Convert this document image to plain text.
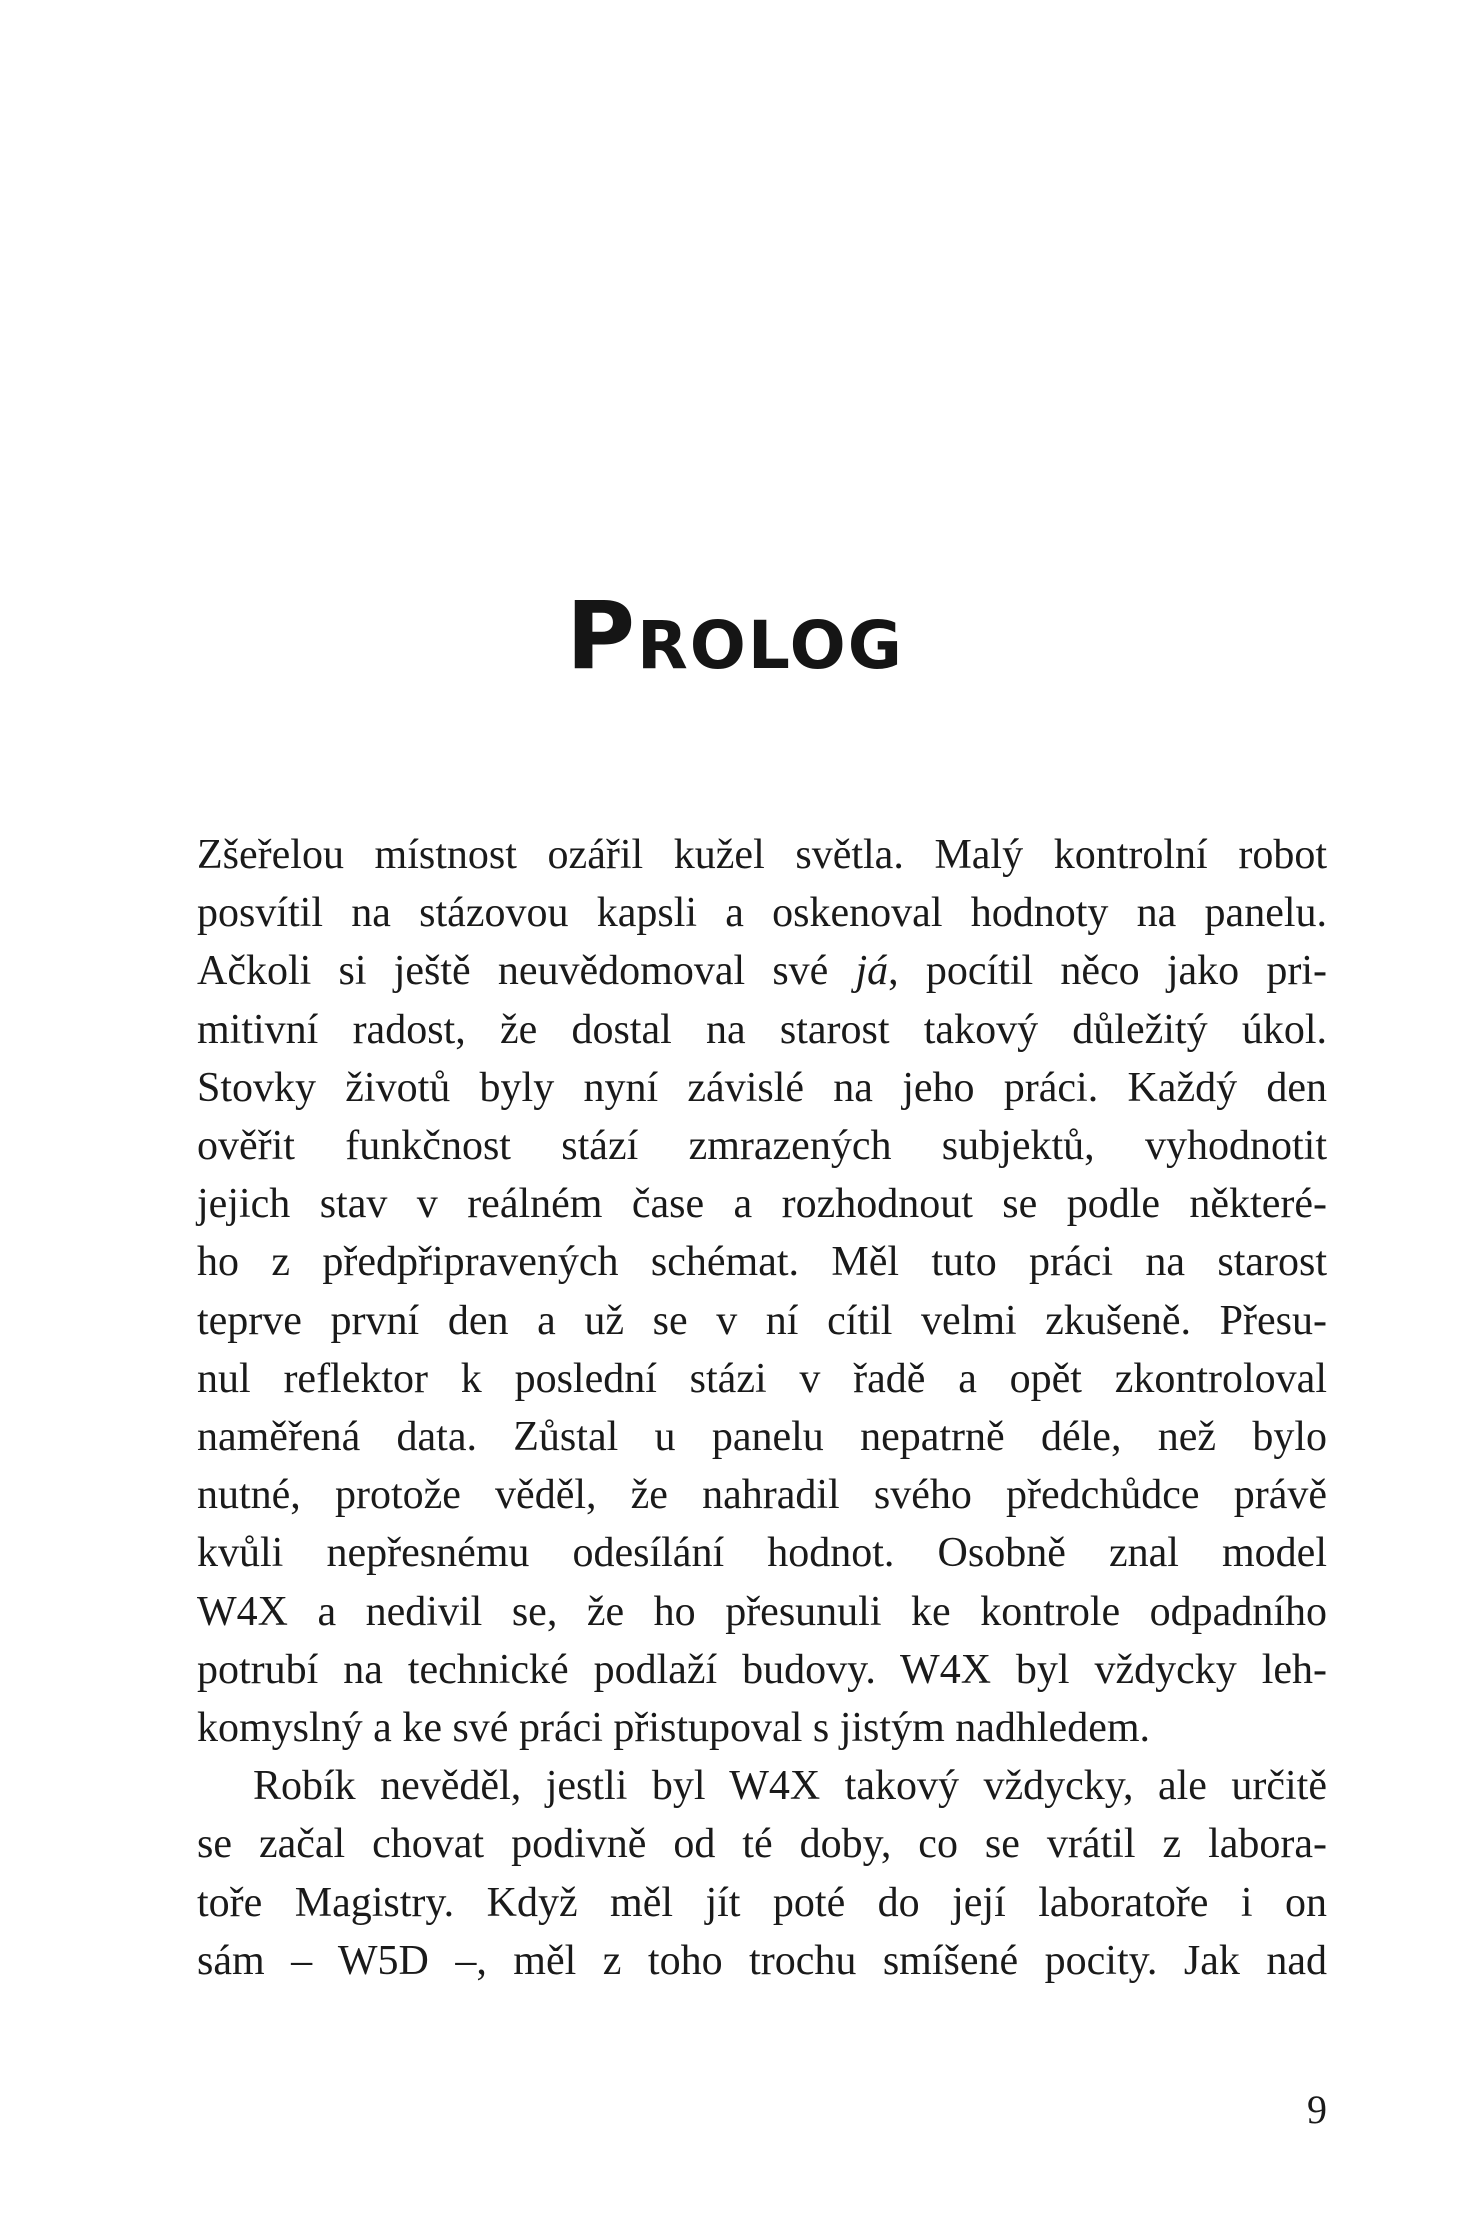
Prolog
Zšeřelou místnost ozářil kužel světla. Malý kontrolní robot
posvítil na stázovou kapsli a oskenoval hodnoty na panelu.
Ačkoli si ještě neuvědomoval své já, pocítil něco jako pri-
mitivní radost, že dostal na starost takový důležitý úkol.
Stovky životů byly nyní závislé na jeho práci. Každý den
ověřit funkčnost stází zmrazených subjektů, vyhodnotit
jejich stav v reálném čase a rozhodnout se podle některé-
ho z předpřipravených schémat. Měl tuto práci na starost
teprve první den a už se v ní cítil velmi zkušeně. Přesu-
nul reflektor k poslední stázi v řadě a opět zkontroloval
naměřená data. Zůstal u panelu nepatrně déle, než bylo
nutné, protože věděl, že nahradil svého předchůdce právě
kvůli nepřesnému odesílání hodnot. Osobně znal model
W4X a nedivil se, že ho přesunuli ke kontrole odpadního
potrubí na technické podlaží budovy. W4X byl vždycky leh-
komyslný a ke své práci přistupoval s jistým nadhledem.
Robík nevěděl, jestli byl W4X takový vždycky, ale určitě
se začal chovat podivně od té doby, co se vrátil z labora-
toře Magistry. Když měl jít poté do její laboratoře i on
sám – W5D –, měl z toho trochu smíšené pocity. Jak nad
9
